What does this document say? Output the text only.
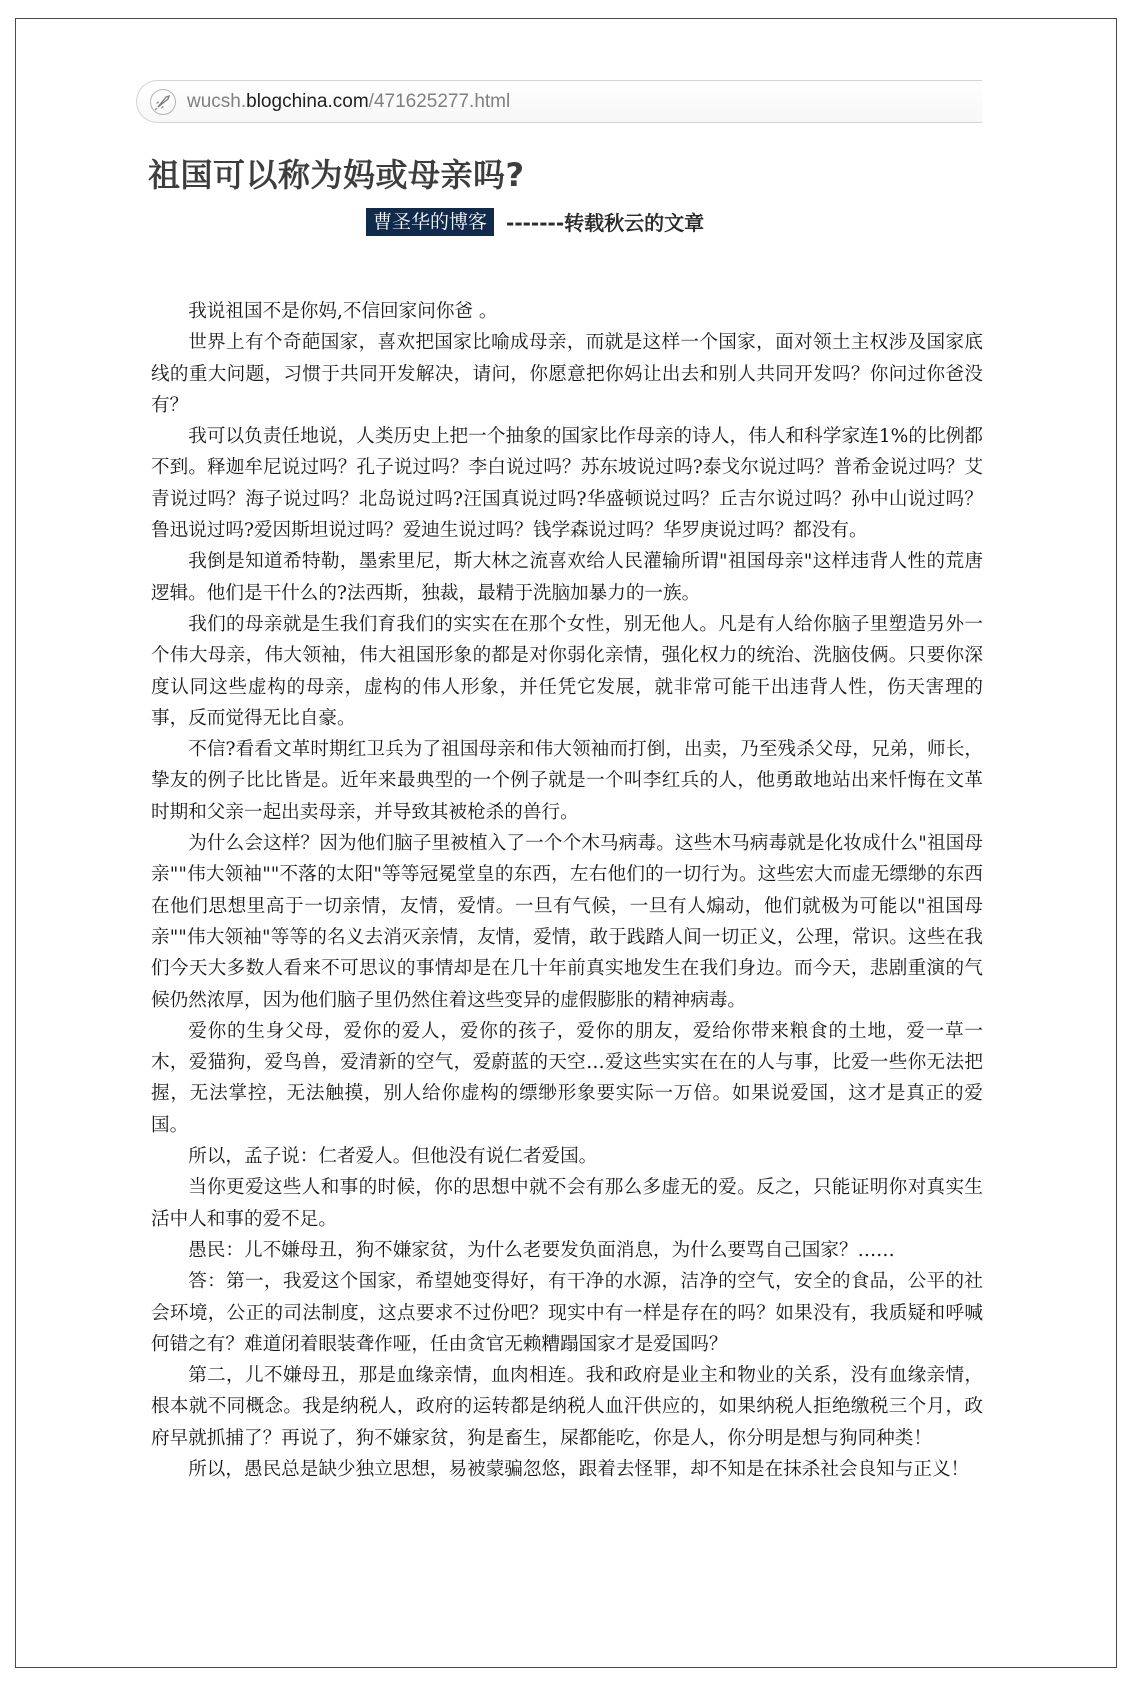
wucsh.blogchina.com/471625277.html
祖国可以称为妈或母亲吗?
曹圣华的博客 -------转载秋云的文章

我说祖国不是你妈,不信回家问你爸 。

世界上有个奇葩国家，喜欢把国家比喻成母亲，而就是这样一个国家，面对领土主权涉及国家底线的重大问题，习惯于共同开发解决，请问，你愿意把你妈让出去和别人共同开发吗？你问过你爸没有？

我可以负责任地说，人类历史上把一个抽象的国家比作母亲的诗人，伟人和科学家连1%的比例都不到。释迦牟尼说过吗？孔子说过吗？李白说过吗？苏东坡说过吗?泰戈尔说过吗？普希金说过吗？艾青说过吗？海子说过吗？北岛说过吗?汪国真说过吗?华盛顿说过吗？丘吉尔说过吗？孙中山说过吗？鲁迅说过吗?爱因斯坦说过吗？爱迪生说过吗？钱学森说过吗？华罗庚说过吗？都没有。

我倒是知道希特勒，墨索里尼，斯大林之流喜欢给人民灌输所谓"祖国母亲"这样违背人性的荒唐逻辑。他们是干什么的?法西斯，独裁，最精于洗脑加暴力的一族。

我们的母亲就是生我们育我们的实实在在那个女性，别无他人。凡是有人给你脑子里塑造另外一个伟大母亲，伟大领袖，伟大祖国形象的都是对你弱化亲情，强化权力的统治、洗脑伎俩。只要你深度认同这些虚构的母亲，虚构的伟人形象，并任凭它发展，就非常可能干出违背人性，伤天害理的事，反而觉得无比自豪。

不信?看看文革时期红卫兵为了祖国母亲和伟大领袖而打倒，出卖，乃至残杀父母，兄弟，师长，挚友的例子比比皆是。近年来最典型的一个例子就是一个叫李红兵的人，他勇敢地站出来忏悔在文革时期和父亲一起出卖母亲，并导致其被枪杀的兽行。

为什么会这样？因为他们脑子里被植入了一个个木马病毒。这些木马病毒就是化妆成什么"祖国母亲""伟大领袖""不落的太阳"等等冠冕堂皇的东西，左右他们的一切行为。这些宏大而虚无缥缈的东西在他们思想里高于一切亲情，友情，爱情。一旦有气候，一旦有人煽动，他们就极为可能以"祖国母亲""伟大领袖"等等的名义去消灭亲情，友情，爱情，敢于践踏人间一切正义，公理，常识。这些在我们今天大多数人看来不可思议的事情却是在几十年前真实地发生在我们身边。而今天，悲剧重演的气候仍然浓厚，因为他们脑子里仍然住着这些变异的虚假膨胀的精神病毒。

爱你的生身父母，爱你的爱人，爱你的孩子，爱你的朋友，爱给你带来粮食的土地，爱一草一木，爱猫狗，爱鸟兽，爱清新的空气，爱蔚蓝的天空…爱这些实实在在的人与事，比爱一些你无法把握，无法掌控，无法触摸，别人给你虚构的缥缈形象要实际一万倍。如果说爱国，这才是真正的爱国。

所以，孟子说：仁者爱人。但他没有说仁者爱国。

当你更爱这些人和事的时候，你的思想中就不会有那么多虚无的爱。反之，只能证明你对真实生活中人和事的爱不足。

愚民：儿不嫌母丑，狗不嫌家贫，为什么老要发负面消息，为什么要骂自己国家？……

答：第一，我爱这个国家，希望她变得好，有干净的水源，洁净的空气，安全的食品，公平的社会环境，公正的司法制度，这点要求不过份吧？现实中有一样是存在的吗？如果没有，我质疑和呼喊何错之有？难道闭着眼装聋作哑，任由贪官无赖糟蹋国家才是爱国吗？

第二，儿不嫌母丑，那是血缘亲情，血肉相连。我和政府是业主和物业的关系，没有血缘亲情，根本就不同概念。我是纳税人，政府的运转都是纳税人血汗供应的，如果纳税人拒绝缴税三个月，政府早就抓捕了？再说了，狗不嫌家贫，狗是畜生，屎都能吃，你是人，你分明是想与狗同种类！

所以，愚民总是缺少独立思想，易被蒙骗忽悠，跟着去怪罪，却不知是在抹杀社会良知与正义！
